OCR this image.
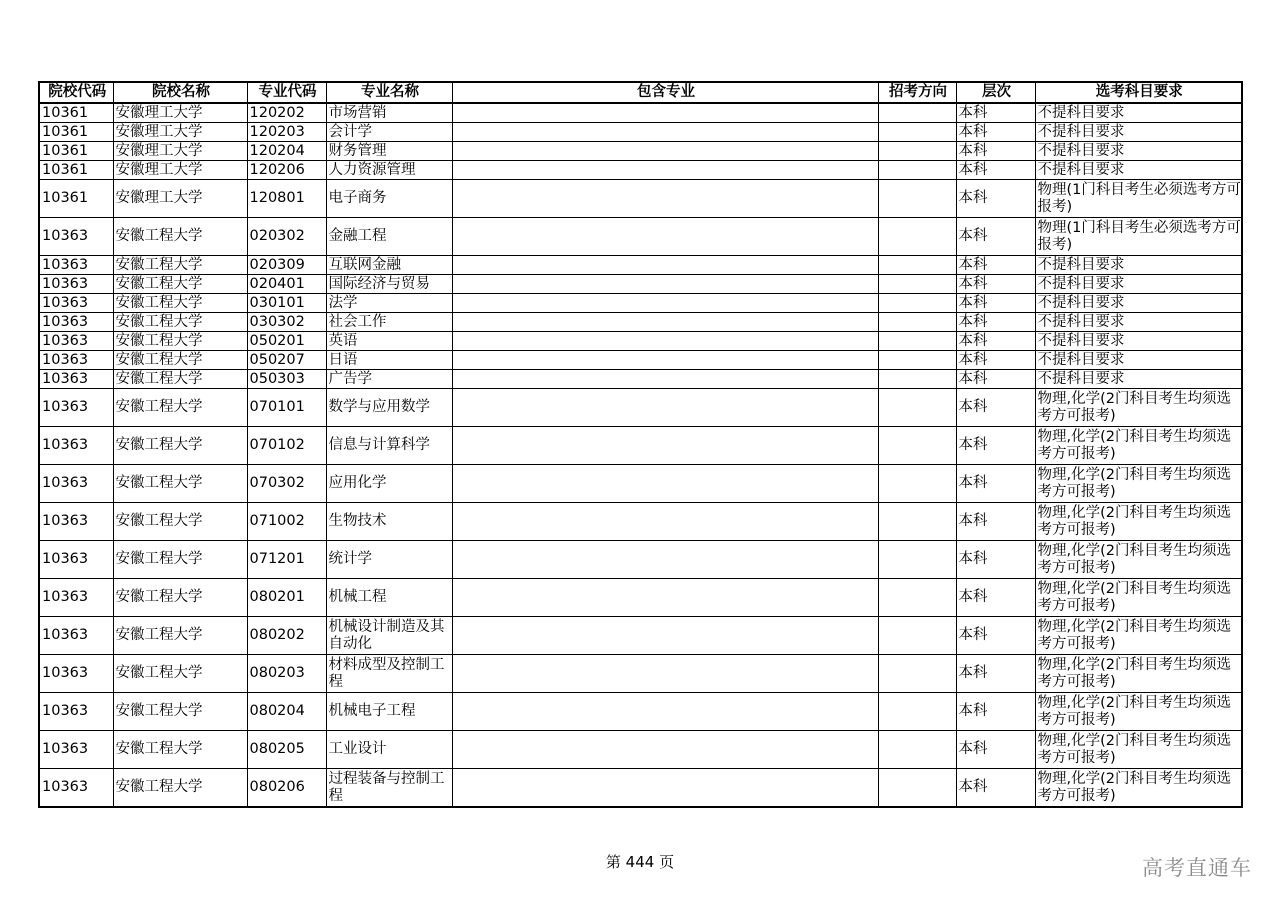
院校代码	院校名称	专业代码	专业名称	包含专业	招考方向	层次	选考科目要求
10361	安徽理工大学	120202	市场营销			本科	不提科目要求
10361	安徽理工大学	120203	会计学			本科	不提科目要求
10361	安徽理工大学	120204	财务管理			本科	不提科目要求
10361	安徽理工大学	120206	人力资源管理			本科	不提科目要求
10361	安徽理工大学	120801	电子商务			本科	物理(1门科目考生必须选考方可报考)
10363	安徽工程大学	020302	金融工程			本科	物理(1门科目考生必须选考方可报考)
10363	安徽工程大学	020309	互联网金融			本科	不提科目要求
10363	安徽工程大学	020401	国际经济与贸易			本科	不提科目要求
10363	安徽工程大学	030101	法学			本科	不提科目要求
10363	安徽工程大学	030302	社会工作			本科	不提科目要求
10363	安徽工程大学	050201	英语			本科	不提科目要求
10363	安徽工程大学	050207	日语			本科	不提科目要求
10363	安徽工程大学	050303	广告学			本科	不提科目要求
10363	安徽工程大学	070101	数学与应用数学			本科	物理,化学(2门科目考生均须选考方可报考)
10363	安徽工程大学	070102	信息与计算科学			本科	物理,化学(2门科目考生均须选考方可报考)
10363	安徽工程大学	070302	应用化学			本科	物理,化学(2门科目考生均须选考方可报考)
10363	安徽工程大学	071002	生物技术			本科	物理,化学(2门科目考生均须选考方可报考)
10363	安徽工程大学	071201	统计学			本科	物理,化学(2门科目考生均须选考方可报考)
10363	安徽工程大学	080201	机械工程			本科	物理,化学(2门科目考生均须选考方可报考)
10363	安徽工程大学	080202	机械设计制造及其自动化			本科	物理,化学(2门科目考生均须选考方可报考)
10363	安徽工程大学	080203	材料成型及控制工程			本科	物理,化学(2门科目考生均须选考方可报考)
10363	安徽工程大学	080204	机械电子工程			本科	物理,化学(2门科目考生均须选考方可报考)
10363	安徽工程大学	080205	工业设计			本科	物理,化学(2门科目考生均须选考方可报考)
10363	安徽工程大学	080206	过程装备与控制工程			本科	物理,化学(2门科目考生均须选考方可报考)
第 444 页	高考直通车
